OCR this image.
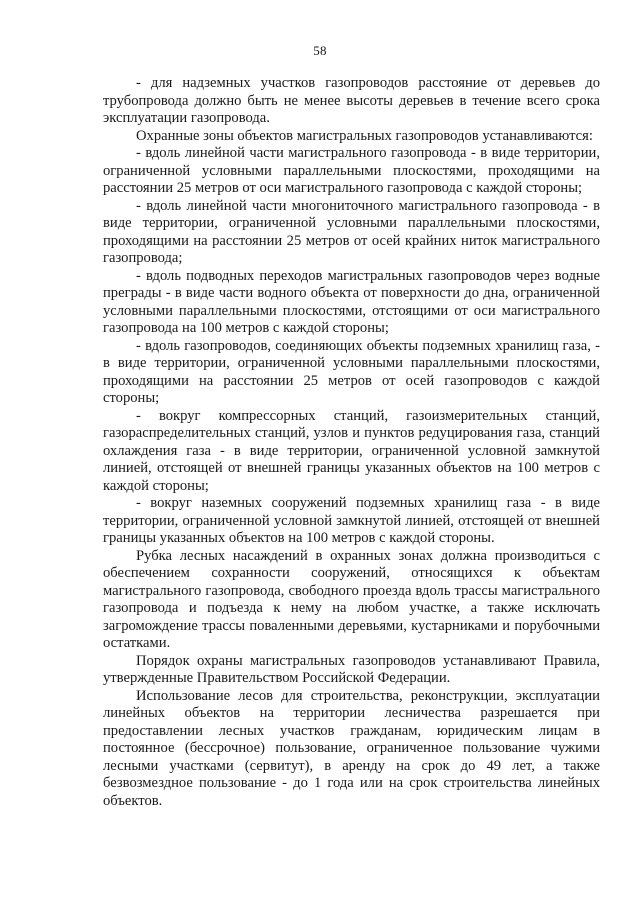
58

- для надземных участков газопроводов расстояние от деревьев до трубопровода должно быть не менее высоты деревьев в течение всего срока эксплуатации газопровода.

Охранные зоны объектов магистральных газопроводов устанавливаются:

- вдоль линейной части магистрального газопровода - в виде территории, ограниченной условными параллельными плоскостями, проходящими на расстоянии 25 метров от оси магистрального газопровода с каждой стороны;

- вдоль линейной части многониточного магистрального газопровода - в виде территории, ограниченной условными параллельными плоскостями, проходящими на расстоянии 25 метров от осей крайних ниток магистрального газопровода;

- вдоль подводных переходов магистральных газопроводов через водные преграды - в виде части водного объекта от поверхности до дна, ограниченной условными параллельными плоскостями, отстоящими от оси магистрального газопровода на 100 метров с каждой стороны;

- вдоль газопроводов, соединяющих объекты подземных хранилищ газа, - в виде территории, ограниченной условными параллельными плоскостями, проходящими на расстоянии 25 метров от осей газопроводов с каждой стороны;

- вокруг компрессорных станций, газоизмерительных станций, газораспределительных станций, узлов и пунктов редуцирования газа, станций охлаждения газа - в виде территории, ограниченной условной замкнутой линией, отстоящей от внешней границы указанных объектов на 100 метров с каждой стороны;

- вокруг наземных сооружений подземных хранилищ газа - в виде территории, ограниченной условной замкнутой линией, отстоящей от внешней границы указанных объектов на 100 метров с каждой стороны.

Рубка лесных насаждений в охранных зонах должна производиться с обеспечением сохранности сооружений, относящихся к объектам магистрального газопровода, свободного проезда вдоль трассы магистрального газопровода и подъезда к нему на любом участке, а также исключать загромождение трассы поваленными деревьями, кустарниками и порубочными остатками.

Порядок охраны магистральных газопроводов устанавливают Правила, утвержденные Правительством Российской Федерации.

Использование лесов для строительства, реконструкции, эксплуатации линейных объектов на территории лесничества разрешается при предоставлении лесных участков гражданам, юридическим лицам в постоянное (бессрочное) пользование, ограниченное пользование чужими лесными участками (сервитут), в аренду на срок до 49 лет, а также безвозмездное пользование - до 1 года или на срок строительства линейных объектов.
